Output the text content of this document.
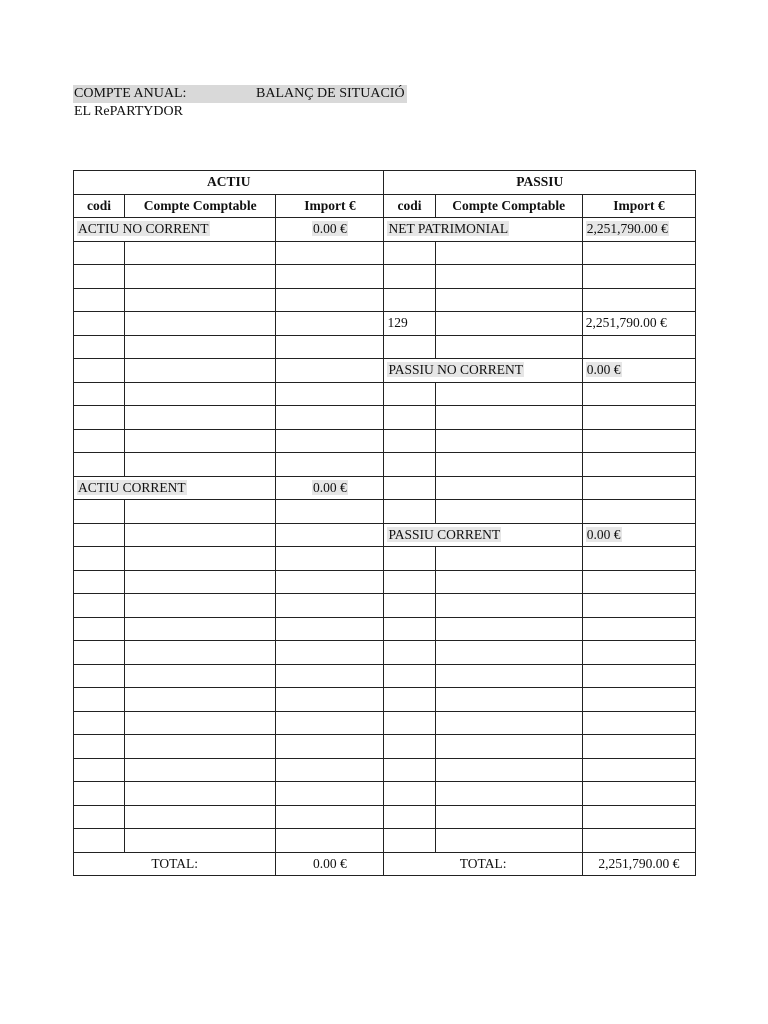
COMPTE ANUAL:	BALANÇ DE SITUACIÓ
EL RePARTYDOR
ACTIU			PASSIU		
codi	Compte Comptable	Import €	codi	Compte Comptable	Import €
ACTIU NO CORRENT		0.00 €	NET PATRIMONIAL		2,251,790.00 €

			129		2,251,790.00 €

			PASSIU NO CORRENT		0.00 €

ACTIU CORRENT		0.00 €			

			PASSIU CORRENT		0.00 €

TOTAL:		0.00 €	TOTAL:		2,251,790.00 €
